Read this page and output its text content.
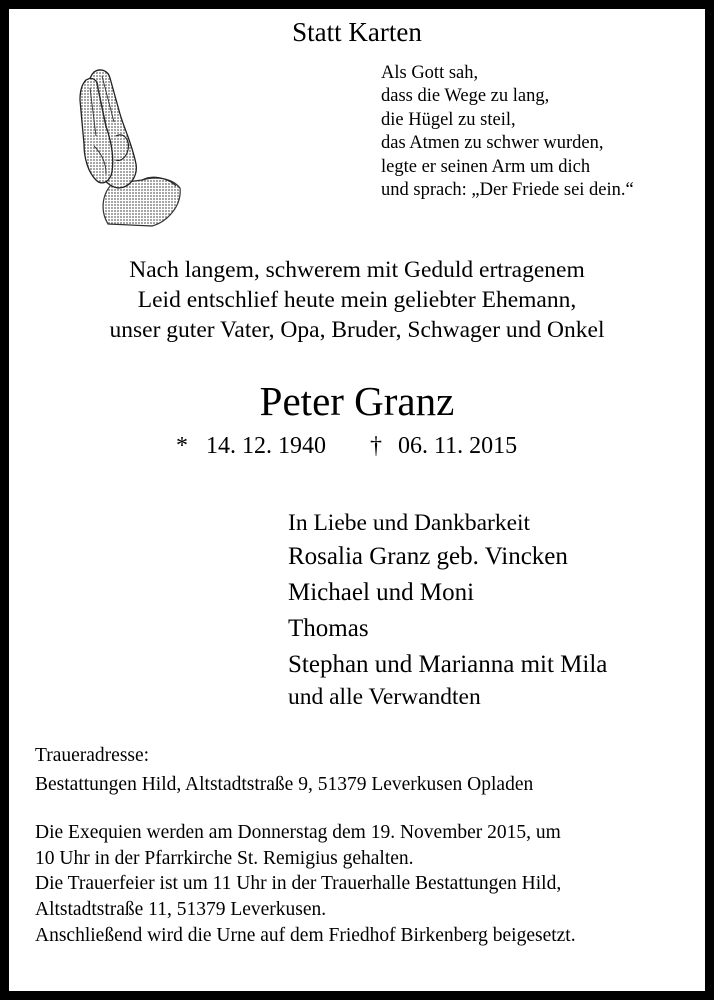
Statt Karten
Als Gott sah,
dass die Wege zu lang,
die Hügel zu steil,
das Atmen zu schwer wurden,
legte er seinen Arm um dich
und sprach: „Der Friede sei dein.“
Nach langem, schwerem mit Geduld ertragenem
Leid entschlief heute mein geliebter Ehemann,
unser guter Vater, Opa, Bruder, Schwager und Onkel
Peter Granz
* 14. 12. 1940 † 06. 11. 2015
In Liebe und Dankbarkeit
Rosalia Granz geb. Vincken
Michael und Moni
Thomas
Stephan und Marianna mit Mila
und alle Verwandten
Traueradresse:
Bestattungen Hild, Altstadtstraße 9, 51379 Leverkusen Opladen
Die Exequien werden am Donnerstag dem 19. November 2015, um
10 Uhr in der Pfarrkirche St. Remigius gehalten.
Die Trauerfeier ist um 11 Uhr in der Trauerhalle Bestattungen Hild,
Altstadtstraße 11, 51379 Leverkusen.
Anschließend wird die Urne auf dem Friedhof Birkenberg beigesetzt.
